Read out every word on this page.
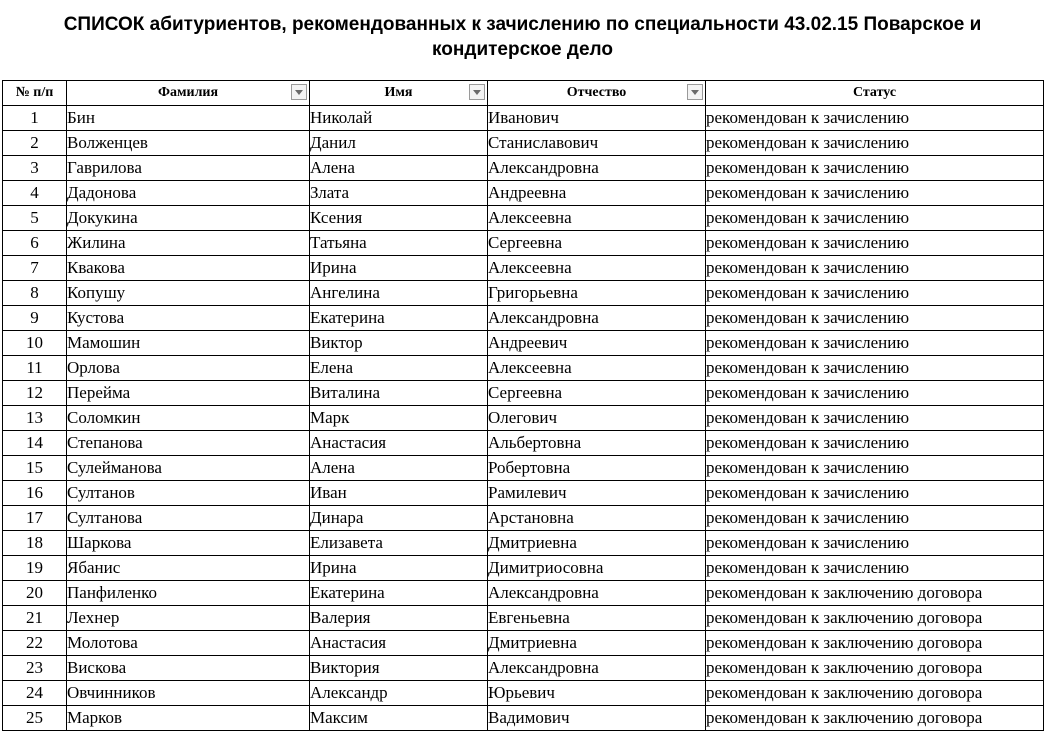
СПИСОК абитуриентов, рекомендованных к зачислению по специальности 43.02.15 Поварское и
кондитерское дело
№ п/п	Фамилия	Имя	Отчество	Статус
1	Бин	Николай	Иванович	рекомендован к зачислению
2	Волженцев	Данил	Станиславович	рекомендован к зачислению
3	Гаврилова	Алена	Александровна	рекомендован к зачислению
4	Дадонова	Злата	Андреевна	рекомендован к зачислению
5	Докукина	Ксения	Алексеевна	рекомендован к зачислению
6	Жилина	Татьяна	Сергеевна	рекомендован к зачислению
7	Квакова	Ирина	Алексеевна	рекомендован к зачислению
8	Копушу	Ангелина	Григорьевна	рекомендован к зачислению
9	Кустова	Екатерина	Александровна	рекомендован к зачислению
10	Мамошин	Виктор	Андреевич	рекомендован к зачислению
11	Орлова	Елена	Алексеевна	рекомендован к зачислению
12	Перейма	Виталина	Сергеевна	рекомендован к зачислению
13	Соломкин	Марк	Олегович	рекомендован к зачислению
14	Степанова	Анастасия	Альбертовна	рекомендован к зачислению
15	Сулейманова	Алена	Робертовна	рекомендован к зачислению
16	Султанов	Иван	Рамилевич	рекомендован к зачислению
17	Султанова	Динара	Арстановна	рекомендован к зачислению
18	Шаркова	Елизавета	Дмитриевна	рекомендован к зачислению
19	Ябанис	Ирина	Димитриосовна	рекомендован к зачислению
20	Панфиленко	Екатерина	Александровна	рекомендован к заключению договора
21	Лехнер	Валерия	Евгеньевна	рекомендован к заключению договора
22	Молотова	Анастасия	Дмитриевна	рекомендован к заключению договора
23	Вискова	Виктория	Александровна	рекомендован к заключению договора
24	Овчинников	Александр	Юрьевич	рекомендован к заключению договора
25	Марков	Максим	Вадимович	рекомендован к заключению договора
